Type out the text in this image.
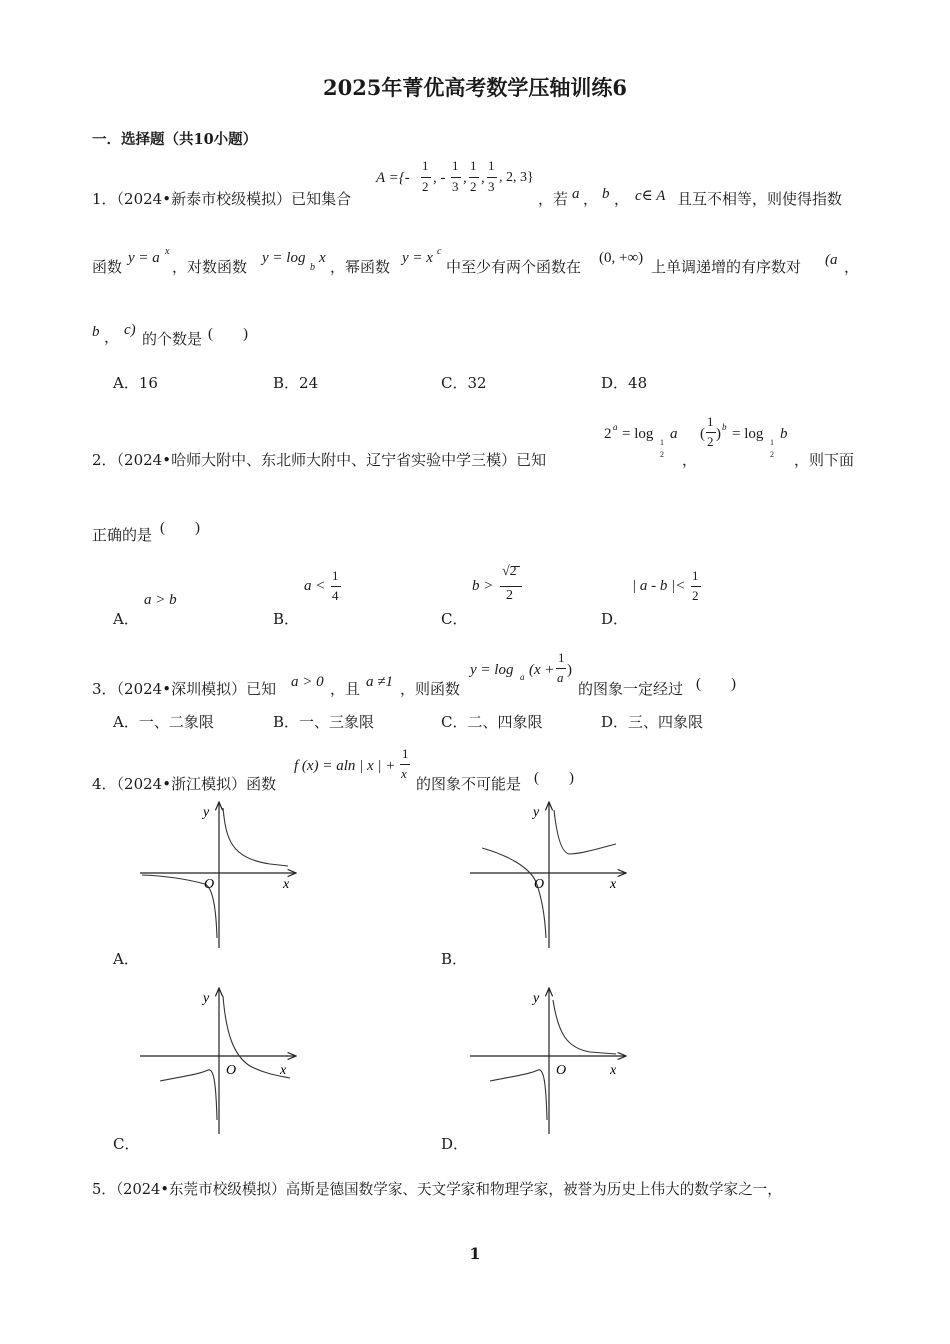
2025年菁优高考数学压轴训练6
一．选择题（共10小题）
1．（2024•新泰市校级模拟）已知集合
A ={-
1
2
, -
1
3
,
1
2
,
1
3
, 2, 3}
，若 a ， b ， c∈ A 且互不相等，则使得指数
函数 y = a x
，对数函数 y = log
b
x ，幂函数 y = x c
中至少有两个函数在 (0, +∞) 上单调递增的有序数对 (a ，
b ， c) 的个数是 (　　)
A．16	B．24	C．32	D．48
2．（2024•哈师大附中、东北师大附中、辽宁省实验中学三模）已知
2 a = log
1
2
a
，
(
1
2 ) b = log
1
2
b
，则下面
正确的是 (　　)
A．
a > b
B．
a <
1
4
C．
b >
√2
2
D．
| a - b |<
1
2
3．（2024•深圳模拟）已知 a > 0 ，且 a ≠1 ，则函数
y = log a (x +
1
a )
的图象一定经过 (　　)
A．一、二象限	B．一、三象限	C．二、四象限	D．三、四象限
4．（2024•浙江模拟）函数
f (x) = aln | x | +
1
x
的图象不可能是 (　　)
y
x
O
A．
y
x
O
B．
y
x
O
C．
y
x
O
D．
5．（2024•东莞市校级模拟）高斯是德国数学家、天文学家和物理学家，被誉为历史上伟大的数学家之一，
1
